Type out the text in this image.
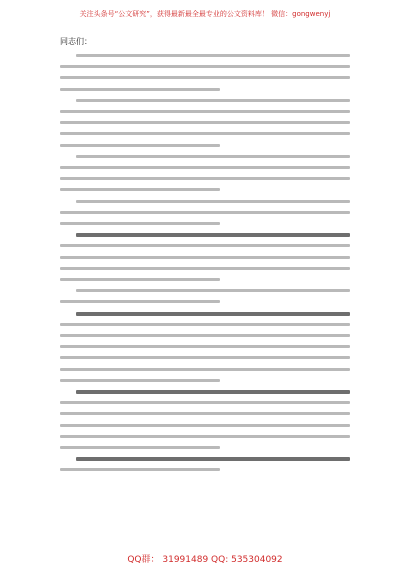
关注头条号“公文研究”，获得最新最全最专业的公文资料库！ 微信：gongwenyj
同志们：
QQ群： 31991489 QQ: 535304092
